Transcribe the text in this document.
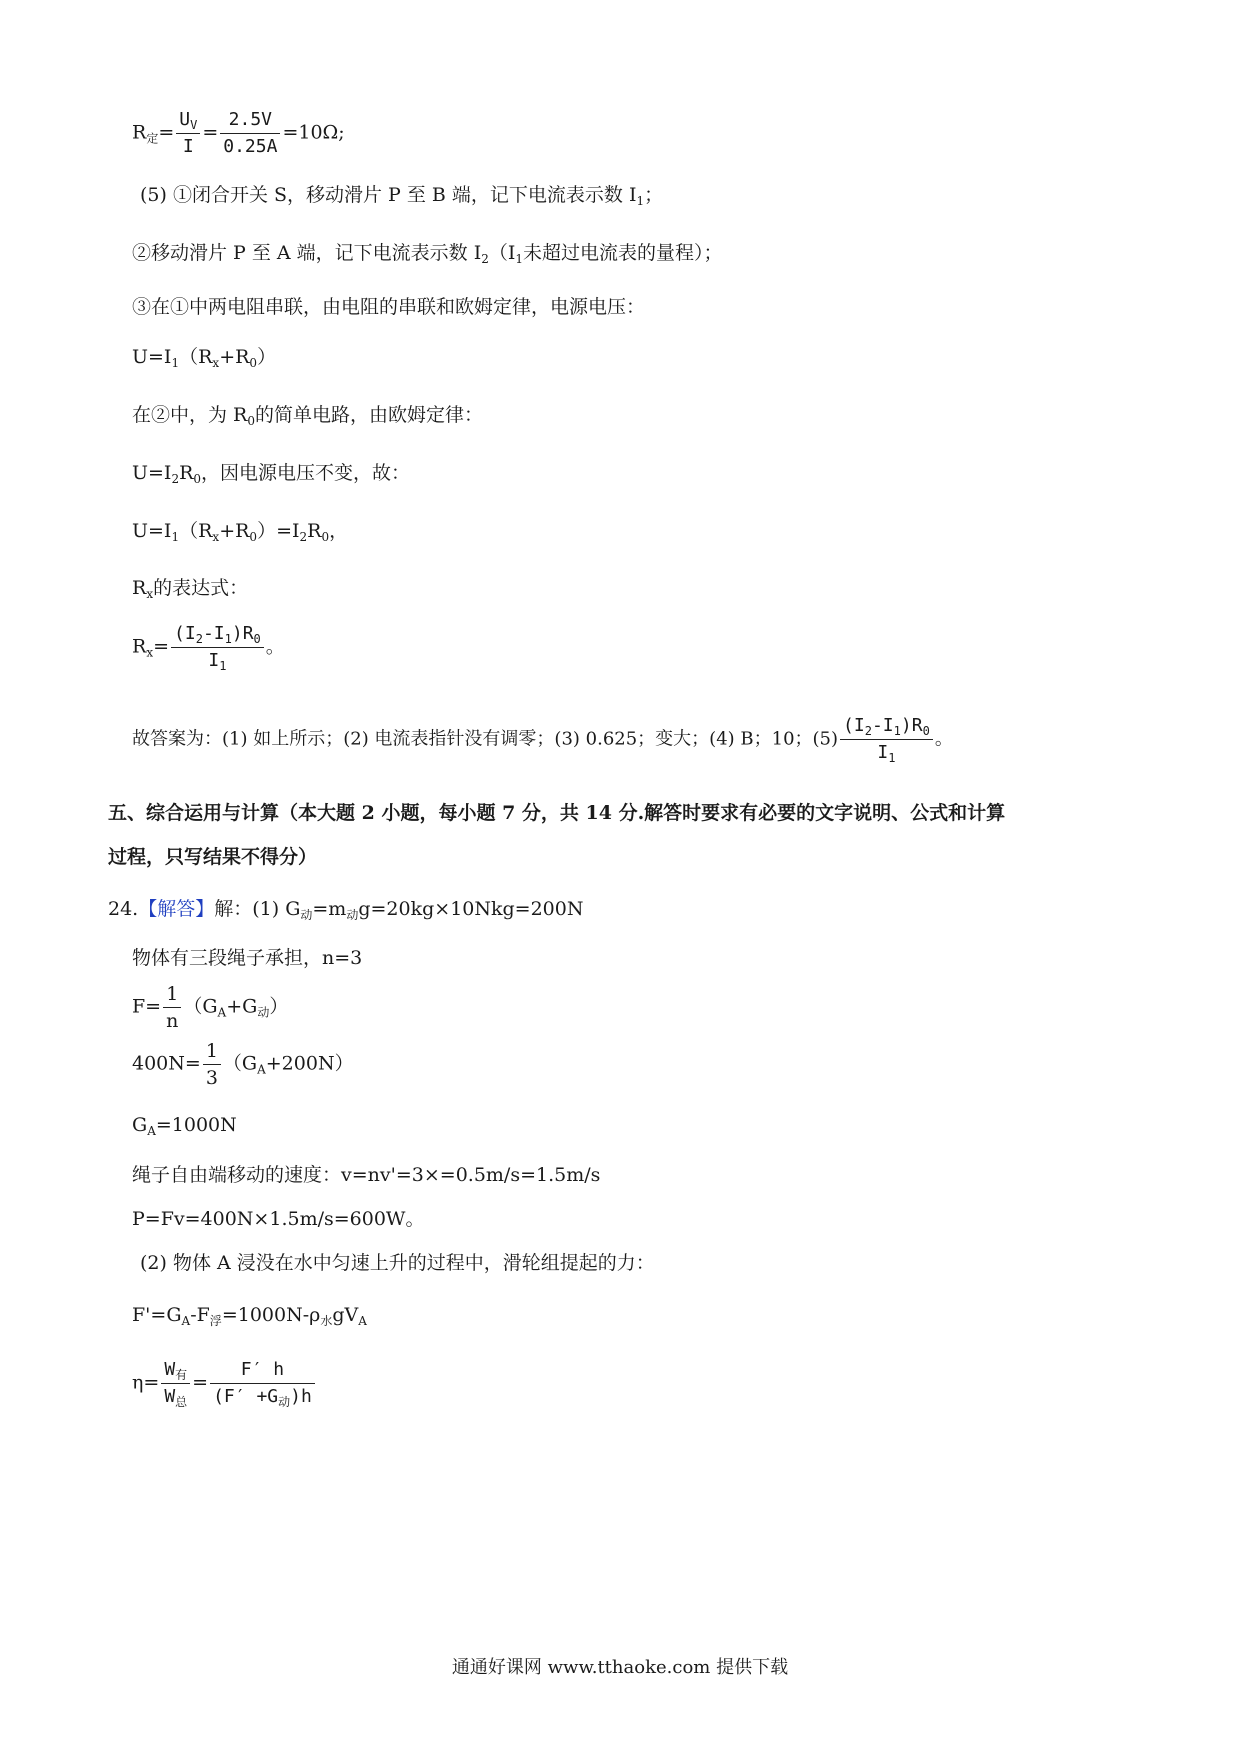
$R_定= \frac{U_V}{I} = \frac{2.5V}{0.25A} =10\Omega$;
(5) ①闭合开关 S，移动滑片 P 至 B 端，记下电流表示数 $I_1$；
②移动滑片 P 至 A 端，记下电流表示数 $I_2(I_1$未超过电流表的量程）；
③在①中两电阻串联，由电阻的串联和欧姆定律，电源电压：
$U=I_1(R_x+R_0)$
在②中，为 $R_0$的简单电路，由欧姆定律：
$U=I_2R_0$，因电源电压不变，故：
$U=I_1(R_x+R_0)=I_2R_0$，
$R_x$的表达式：
$R_x= \frac{(I_2-I_1)R_0}{I_1}$ 。
故答案为：(1) 如上所示；(2) 电流表指针没有调零；(3) 0.625；变大；(4) B；10；$(5) \frac{(I_2-I_1)R_0}{I_1}$ 。
五、综合运用与计算（本大题 2 小题，每小题 7 分，共 14 分.解答时要求有必要的文字说明、公式和计算
过程，只写结果不得分）
24.【解答】解：(1) $G_动=m_动g=20kg\times 10Nkg=200N$
物体有三段绳子承担，n=3
$F= \frac{1}{n} (G_A+G_动)$
$400N= \frac{1}{3} (G_A+200N)$
$G_A=1000N$
绳子自由端移动的速度：v=nv'=3×=0.5m/s=1.5m/s
P=Fv=400N×1.5m/s=600W。
(2) 物体 A 浸没在水中匀速上升的过程中，滑轮组提起的力：
$F'=G_A-F_浮=1000N-\rho_水gV_A$
$\eta= \frac{W_有}{W_总} = \frac{F' h}{(F' +G_动)h}$
通通好课网 www.tthaoke.com 提供下载
